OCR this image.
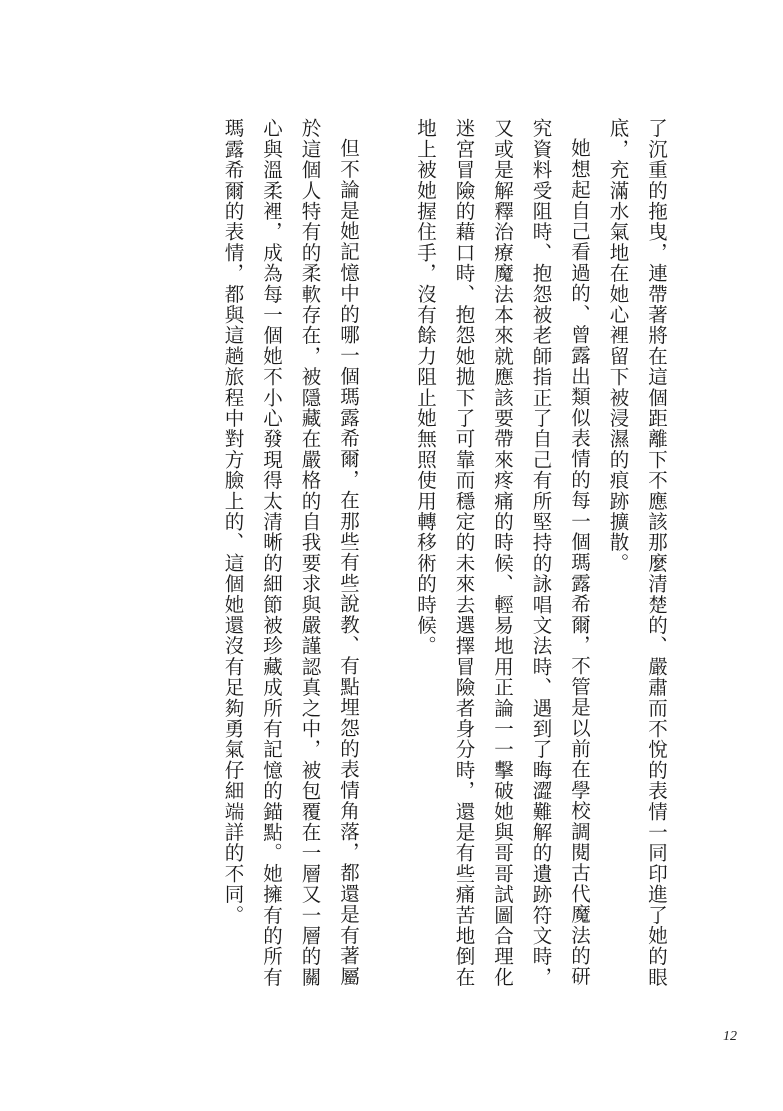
了沉重的拖曳，連帶著將在這個距離下不應該那麼清楚的、嚴肅而不悅的表情一同印進了她的眼底，充滿水氣地在她心裡留下被浸濕的痕跡擴散。

她想起自己看過的、曾露出類似表情的每一個瑪露希爾，不管是以前在學校調閱古代魔法的研究資料受阻時、抱怨被老師指正了自己有所堅持的詠唱文法時、遇到了晦澀難解的遺跡符文時，又或是解釋治療魔法本來就應該要帶來疼痛的時候、輕易地用正論一一擊破她與哥哥試圖合理化迷宮冒險的藉口時、抱怨她拋下了可靠而穩定的未來去選擇冒險者身分時，還是有些痛苦地倒在地上被她握住手，沒有餘力阻止她無照使用轉移術的時候。

但不論是她記憶中的哪一個瑪露希爾，在那些有些說教、有點埋怨的表情角落，都還是有著屬於這個人特有的柔軟存在，被隱藏在嚴格的自我要求與嚴謹認真之中，被包覆在一層又一層的關心與溫柔裡，成為每一個她不小心發現得太清晰的細節被珍藏成所有記憶的錨點。她擁有的所有瑪露希爾的表情，都與這趟旅程中對方臉上的、這個她還沒有足夠勇氣仔細端詳的不同。

12
